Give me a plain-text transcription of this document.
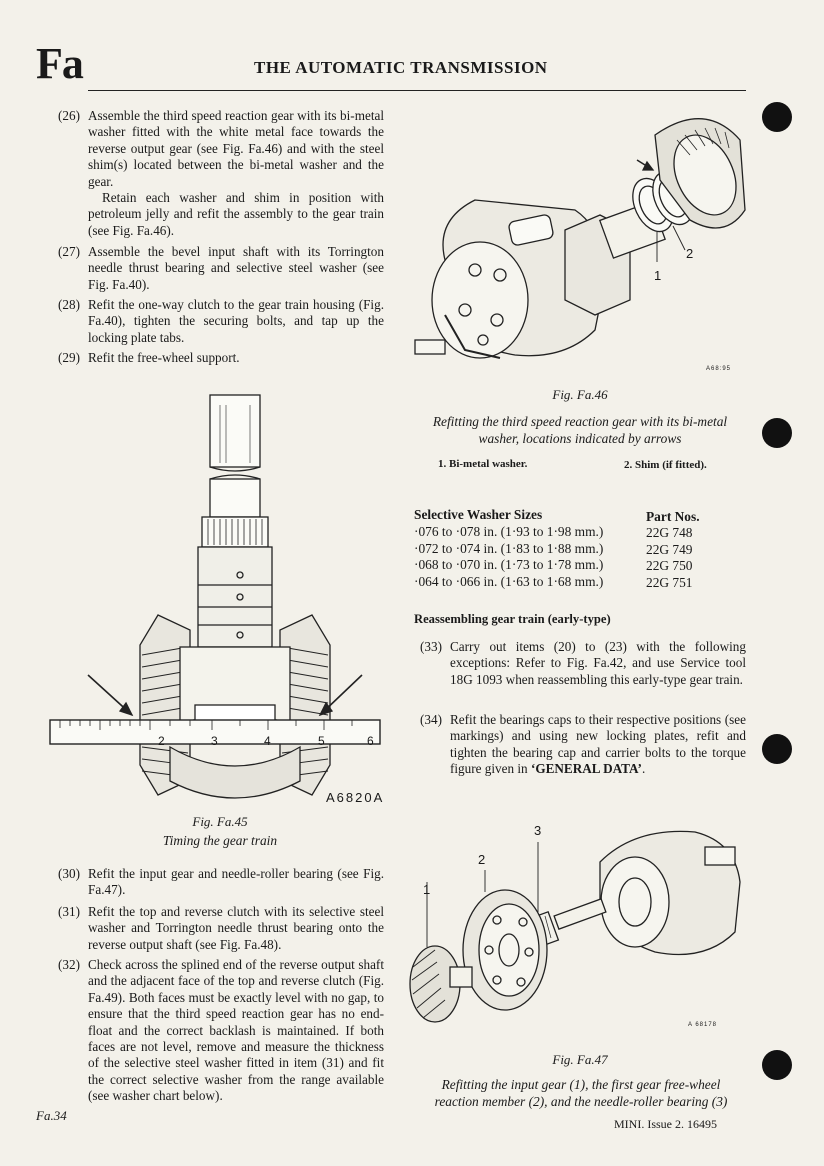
Fa	THE AUTOMATIC TRANSMISSION
(26) Assemble the third speed reaction gear with its bi-metal washer fitted with the white metal face towards the reverse output gear (see Fig. Fa.46) and with the steel shim(s) located between the bi-metal washer and the gear.
Retain each washer and shim in position with petroleum jelly and refit the assembly to the gear train (see Fig. Fa.46).
(27) Assemble the bevel input shaft with its Torrington needle thrust bearing and selective steel washer (see Fig. Fa.40).
(28) Refit the one-way clutch to the gear train housing (Fig. Fa.40), tighten the securing bolts, and tap up the locking plate tabs.
(29) Refit the free-wheel support.
2	3	4	5	6
A6820A
Fig. Fa.45
Timing the gear train
(30) Refit the input gear and needle-roller bearing (see Fig. Fa.47).
(31) Refit the top and reverse clutch with its selective steel washer and Torrington needle thrust bearing onto the reverse output shaft (see Fig. Fa.48).
(32) Check across the splined end of the reverse output shaft and the adjacent face of the top and reverse clutch (Fig. Fa.49). Both faces must be exactly level with no gap, to ensure that the third speed reaction gear has no end-float and the correct backlash is maintained. If both faces are not level, remove and measure the thickness of the selective steel washer fitted in item (31) and fit the correct selective washer from the range available (see washer chart below).
1
2
A68:95
Fig. Fa.46
Refitting the third speed reaction gear with its bi-metal washer, locations indicated by arrows
1. Bi-metal washer.	2. Shim (if fitted).
Selective Washer Sizes	Part Nos.
·076 to ·078 in. (1·93 to 1·98 mm.)	22G 748
·072 to ·074 in. (1·83 to 1·88 mm.)	22G 749
·068 to ·070 in. (1·73 to 1·78 mm.)	22G 750
·064 to ·066 in. (1·63 to 1·68 mm.)	22G 751
Reassembling gear train (early-type)
(33) Carry out items (20) to (23) with the following exceptions: Refer to Fig. Fa.42, and use Service tool 18G 1093 when reassembling this early-type gear train.
(34) Refit the bearings caps to their respective positions (see markings) and using new locking plates, refit and tighten the bearing cap and carrier bolts to the torque figure given in ‘GENERAL DATA’.
1
2
3
A 68178
Fig. Fa.47
Refitting the input gear (1), the first gear free-wheel reaction member (2), and the needle-roller bearing (3)
Fa.34
MINI. Issue 2. 16495
